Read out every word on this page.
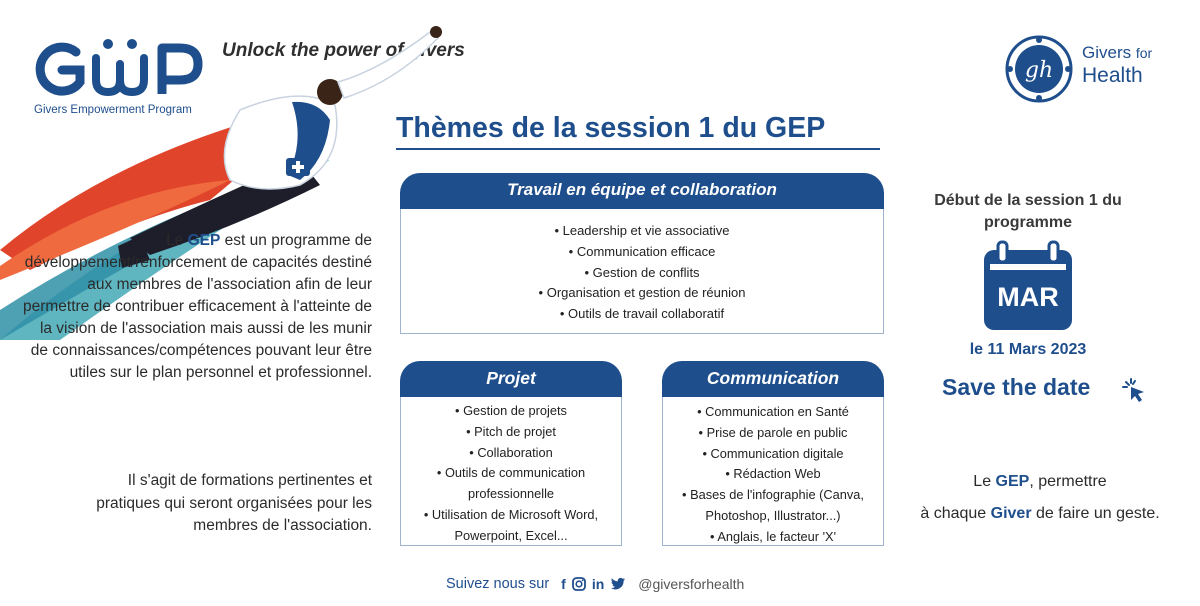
Givers Empowerment Program
Unlock the power of givers
gh
Givers for
Health
Thèmes de la session 1 du GEP
Travail en équipe et collaboration
• Leadership et vie associative
• Communication efficace
• Gestion de conflits
• Organisation et gestion de réunion
• Outils de travail collaboratif
Projet
• Gestion de projets
• Pitch de projet
• Collaboration
• Outils de communication professionnelle
• Utilisation de Microsoft Word, Powerpoint, Excel...
Communication
• Communication en Santé
• Prise de parole en public
• Communication digitale
• Rédaction Web
• Bases de l'infographie (Canva, Photoshop, Illustrator...)
• Anglais, le facteur 'X'
Le GEP est un programme de développement/renforcement de capacités destiné aux membres de l'association afin de leur permettre de contribuer efficacement à l'atteinte de la vision de l'association mais aussi de les munir de connaissances/compétences pouvant leur être utiles sur le plan personnel et professionnel.
Il s'agit de formations pertinentes et pratiques qui seront organisées pour les membres de l'association.
Début de la session 1 du programme
MAR
le 11 Mars 2023
Save the date
Le GEP, permettre
à chaque Giver de faire un geste.
Suivez nous sur f in @giversforhealth
